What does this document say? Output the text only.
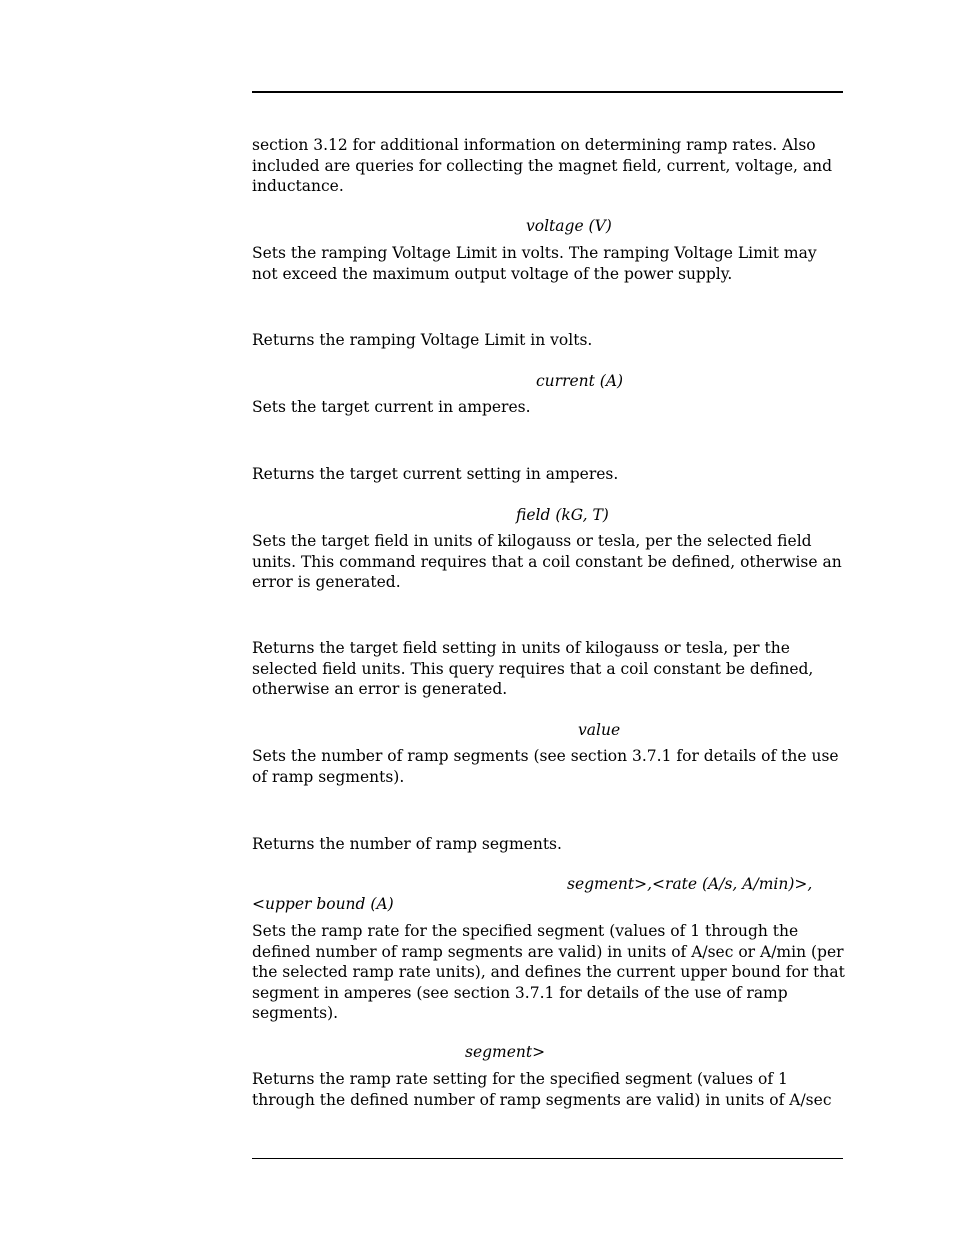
section 3.12 for additional information on determining ramp rates. Also
included are queries for collecting the magnet field, current, voltage, and
inductance.
voltage (V)
Sets the ramping Voltage Limit in volts. The ramping Voltage Limit may
not exceed the maximum output voltage of the power supply.
Returns the ramping Voltage Limit in volts.
current (A)
Sets the target current in amperes.
Returns the target current setting in amperes.
field (kG, T)
Sets the target field in units of kilogauss or tesla, per the selected field
units. This command requires that a coil constant be defined, otherwise an
error is generated.
Returns the target field setting in units of kilogauss or tesla, per the
selected field units. This query requires that a coil constant be defined,
otherwise an error is generated.
value
Sets the number of ramp segments (see section 3.7.1 for details of the use
of ramp segments).
Returns the number of ramp segments.
segment>,<rate (A/s, A/min)>,
<upper bound (A)
Sets the ramp rate for the specified segment (values of 1 through the
defined number of ramp segments are valid) in units of A/sec or A/min (per
the selected ramp rate units), and defines the current upper bound for that
segment in amperes (see section 3.7.1 for details of the use of ramp
segments).
segment>
Returns the ramp rate setting for the specified segment (values of 1
through the defined number of ramp segments are valid) in units of A/sec
